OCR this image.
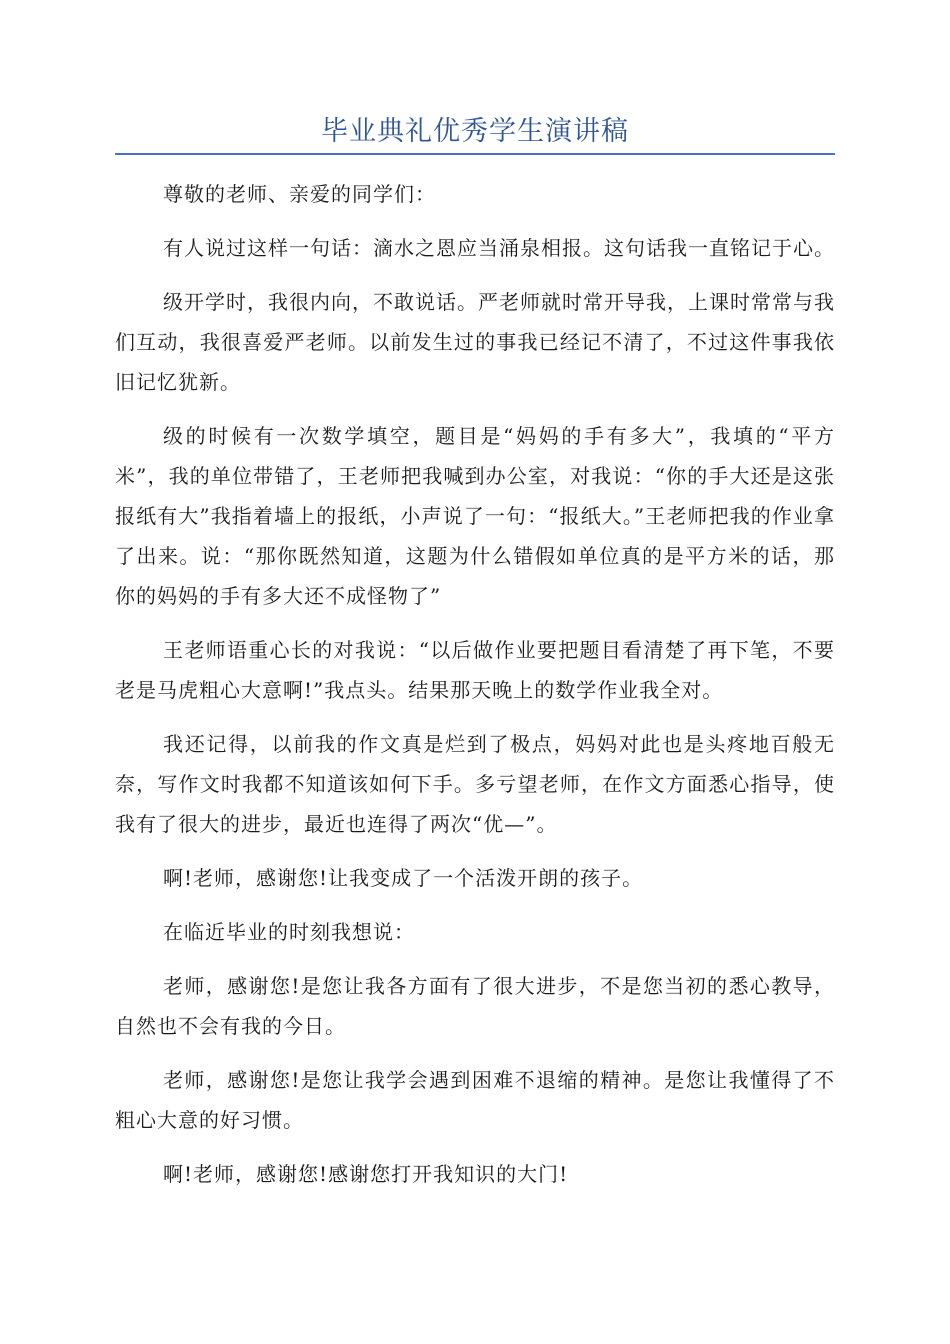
毕业典礼优秀学生演讲稿

尊敬的老师、亲爱的同学们：

有人说过这样一句话：滴水之恩应当涌泉相报。这句话我一直铭记于心。

级开学时，我很内向，不敢说话。严老师就时常开导我，上课时常常与我们互动，我很喜爱严老师。以前发生过的事我已经记不清了，不过这件事我依旧记忆犹新。

级的时候有一次数学填空，题目是“妈妈的手有多大”，我填的“平方米”，我的单位带错了，王老师把我喊到办公室，对我说：“你的手大还是这张报纸有大”我指着墙上的报纸，小声说了一句：“报纸大。”王老师把我的作业拿了出来。说：“那你既然知道，这题为什么错假如单位真的是平方米的话，那你的妈妈的手有多大还不成怪物了”

王老师语重心长的对我说：“以后做作业要把题目看清楚了再下笔，不要老是马虎粗心大意啊!”我点头。结果那天晚上的数学作业我全对。

我还记得，以前我的作文真是烂到了极点，妈妈对此也是头疼地百般无奈，写作文时我都不知道该如何下手。多亏望老师，在作文方面悉心指导，使我有了很大的进步，最近也连得了两次“优—”。

啊!老师，感谢您!让我变成了一个活泼开朗的孩子。

在临近毕业的时刻我想说：

老师，感谢您!是您让我各方面有了很大进步，不是您当初的悉心教导，自然也不会有我的今日。

老师，感谢您!是您让我学会遇到困难不退缩的精神。是您让我懂得了不粗心大意的好习惯。

啊!老师，感谢您!感谢您打开我知识的大门!
